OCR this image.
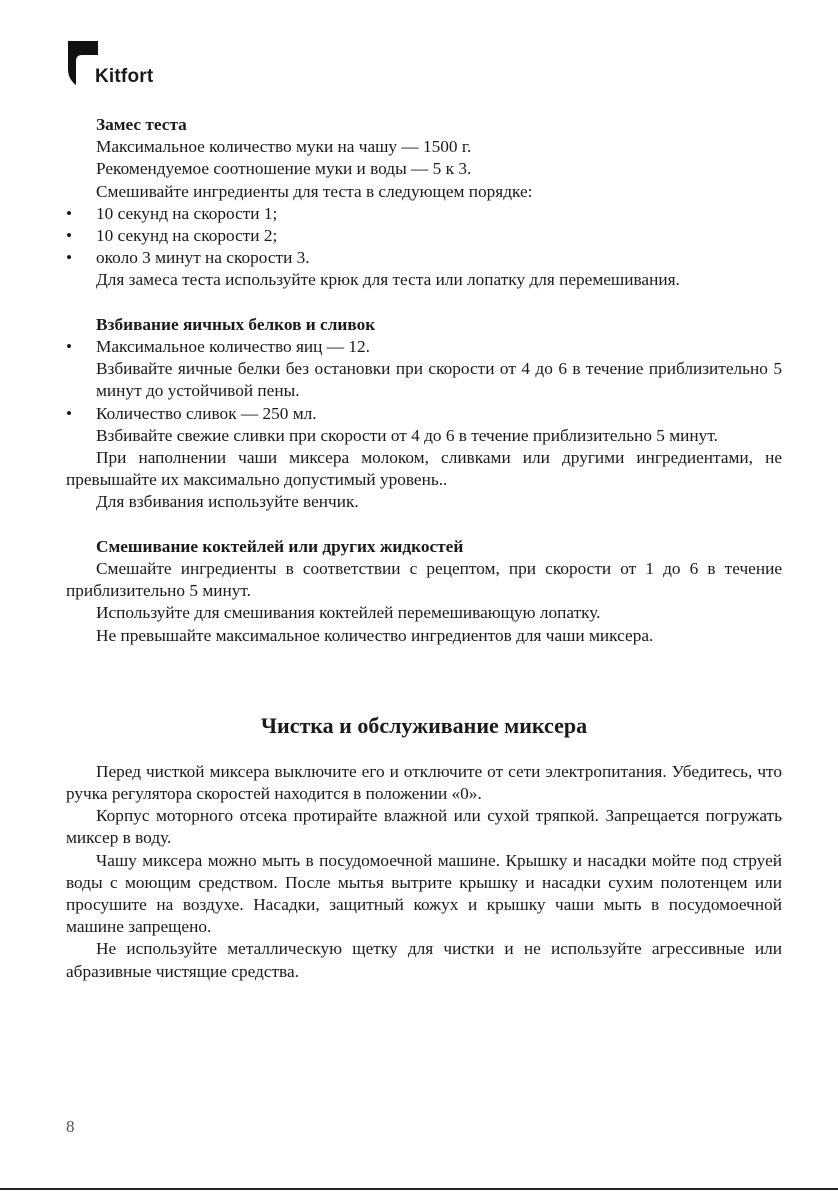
Kitfort

Замес теста

Максимальное количество муки на чашу — 1500 г.

Рекомендуемое соотношение муки и воды — 5 к 3.

Смешивайте ингредиенты для теста в следующем порядке:

• 10 секунд на скорости 1;

• 10 секунд на скорости 2;

• около 3 минут на скорости 3.

Для замеса теста используйте крюк для теста или лопатку для перемешивания.

Взбивание яичных белков и сливок

• Максимальное количество яиц — 12.

Взбивайте яичные белки без остановки при скорости от 4 до 6 в течение приблизительно 5 минут до устойчивой пены.

• Количество сливок — 250 мл.

Взбивайте свежие сливки при скорости от 4 до 6 в течение приблизительно 5 минут.

При наполнении чаши миксера молоком, сливками или другими ингредиентами, не превышайте их максимально допустимый уровень..

Для взбивания используйте венчик.

Смешивание коктейлей или других жидкостей

Смешайте ингредиенты в соответствии с рецептом, при скорости от 1 до 6 в течение приблизительно 5 минут.

Используйте для смешивания коктейлей перемешивающую лопатку.

Не превышайте максимальное количество ингредиентов для чаши миксера.

Чистка и обслуживание миксера

Перед чисткой миксера выключите его и отключите от сети электропитания. Убедитесь, что ручка регулятора скоростей находится в положении «0».

Корпус моторного отсека протирайте влажной или сухой тряпкой. Запрещается погружать миксер в воду.

Чашу миксера можно мыть в посудомоечной машине. Крышку и насадки мойте под струей воды с моющим средством. После мытья вытрите крышку и насадки сухим полотенцем или просушите на воздухе. Насадки, защитный кожух и крышку чаши мыть в посудомоечной машине запрещено.

Не используйте металлическую щетку для чистки и не используйте агрессивные или абразивные чистящие средства.

8
